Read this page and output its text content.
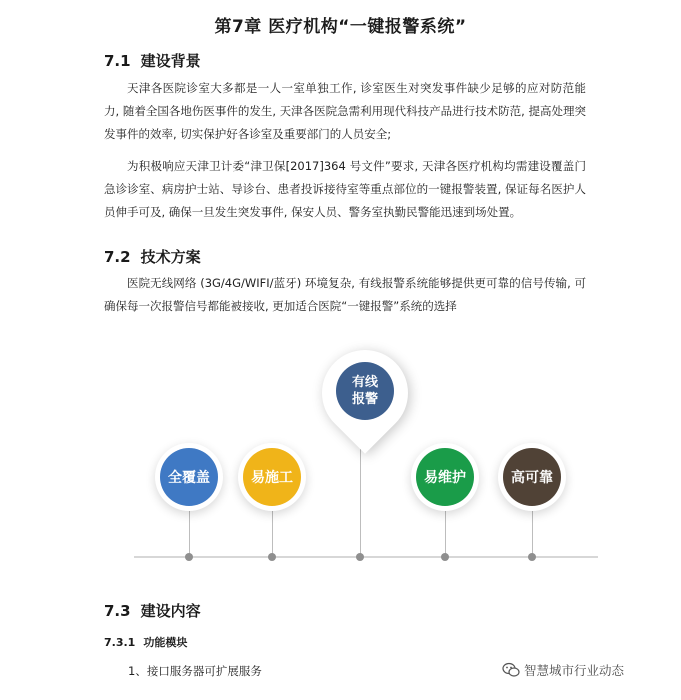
第7章 医疗机构“一键报警系统”
7.1 建设背景
天津各医院诊室大多都是一人一室单独工作, 诊室医生对突发事件缺少足够的应对防范能力, 随着全国各地伤医事件的发生, 天津各医院急需利用现代科技产品进行技术防范, 提高处理突发事件的效率, 切实保护好各诊室及重要部门的人员安全;
为积极响应天津卫计委“津卫保[2017]364 号文件”要求, 天津各医疗机构均需建设覆盖门急诊诊室、病房护士站、导诊台、患者投诉接待室等重点部位的一键报警装置, 保证每名医护人员伸手可及, 确保一旦发生突发事件, 保安人员、警务室执勤民警能迅速到场处置。
7.2 技术方案
医院无线网络 (3G/4G/WIFI/蓝牙) 环境复杂, 有线报警系统能够提供更可靠的信号传输, 可确保每一次报警信号都能被接收, 更加适合医院“一键报警”系统的选择
有线
报警
全覆盖	易施工	易维护	高可靠
7.3 建设内容
7.3.1 功能模块
1、接口服务器可扩展服务	智慧城市行业动态
